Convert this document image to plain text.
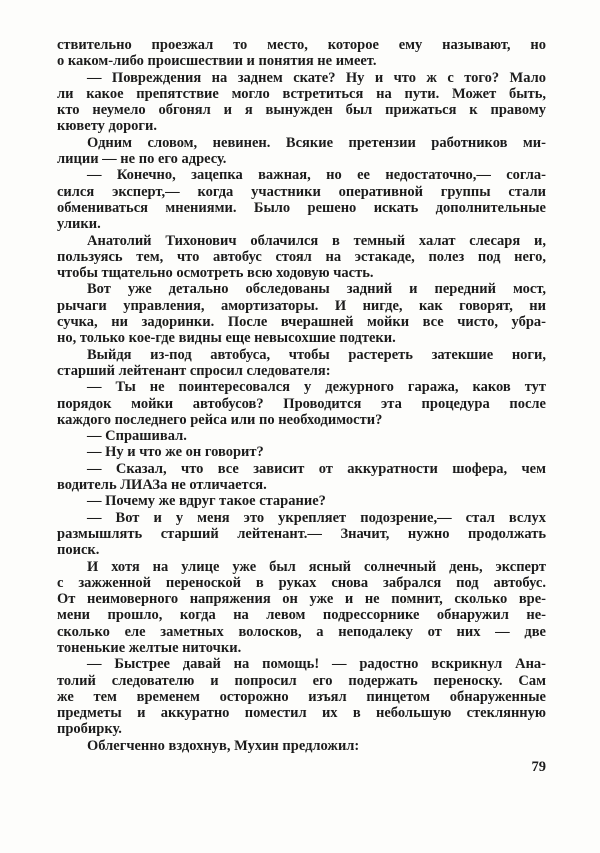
ствительно проезжал то место, которое ему называют, но
о каком-либо происшествии и понятия не имеет.
— Повреждения на заднем скате? Ну и что ж с того? Мало
ли какое препятствие могло встретиться на пути. Может быть,
кто неумело обгонял и я вынужден был прижаться к правому
кювету дороги.
Одним словом, невинен. Всякие претензии работников ми-
лиции — не по его адресу.
— Конечно, зацепка важная, но ее недостаточно,— согла-
сился эксперт,— когда участники оперативной группы стали
обмениваться мнениями. Было решено искать дополнительные
улики.
Анатолий Тихонович облачился в темный халат слесаря и,
пользуясь тем, что автобус стоял на эстакаде, полез под него,
чтобы тщательно осмотреть всю ходовую часть.
Вот уже детально обследованы задний и передний мост,
рычаги управления, амортизаторы. И нигде, как говорят, ни
сучка, ни задоринки. После вчерашней мойки все чисто, убра-
но, только кое-где видны еще невысохшие подтеки.
Выйдя из-под автобуса, чтобы растереть затекшие ноги,
старший лейтенант спросил следователя:
— Ты не поинтересовался у дежурного гаража, каков тут
порядок мойки автобусов? Проводится эта процедура после
каждого последнего рейса или по необходимости?
— Спрашивал.
— Ну и что же он говорит?
— Сказал, что все зависит от аккуратности шофера, чем
водитель ЛИАЗа не отличается.
— Почему же вдруг такое старание?
— Вот и у меня это укрепляет подозрение,— стал вслух
размышлять старший лейтенант.— Значит, нужно продолжать
поиск.
И хотя на улице уже был ясный солнечный день, эксперт
с зажженной переноской в руках снова забрался под автобус.
От неимоверного напряжения он уже и не помнит, сколько вре-
мени прошло, когда на левом подрессорнике обнаружил не-
сколько еле заметных волосков, а неподалеку от них — две
тоненькие желтые ниточки.
— Быстрее давай на помощь! — радостно вскрикнул Ана-
толий следователю и попросил его подержать переноску. Сам
же тем временем осторожно изъял пинцетом обнаруженные
предметы и аккуратно поместил их в небольшую стеклянную
пробирку.
Облегченно вздохнув, Мухин предложил:
79
